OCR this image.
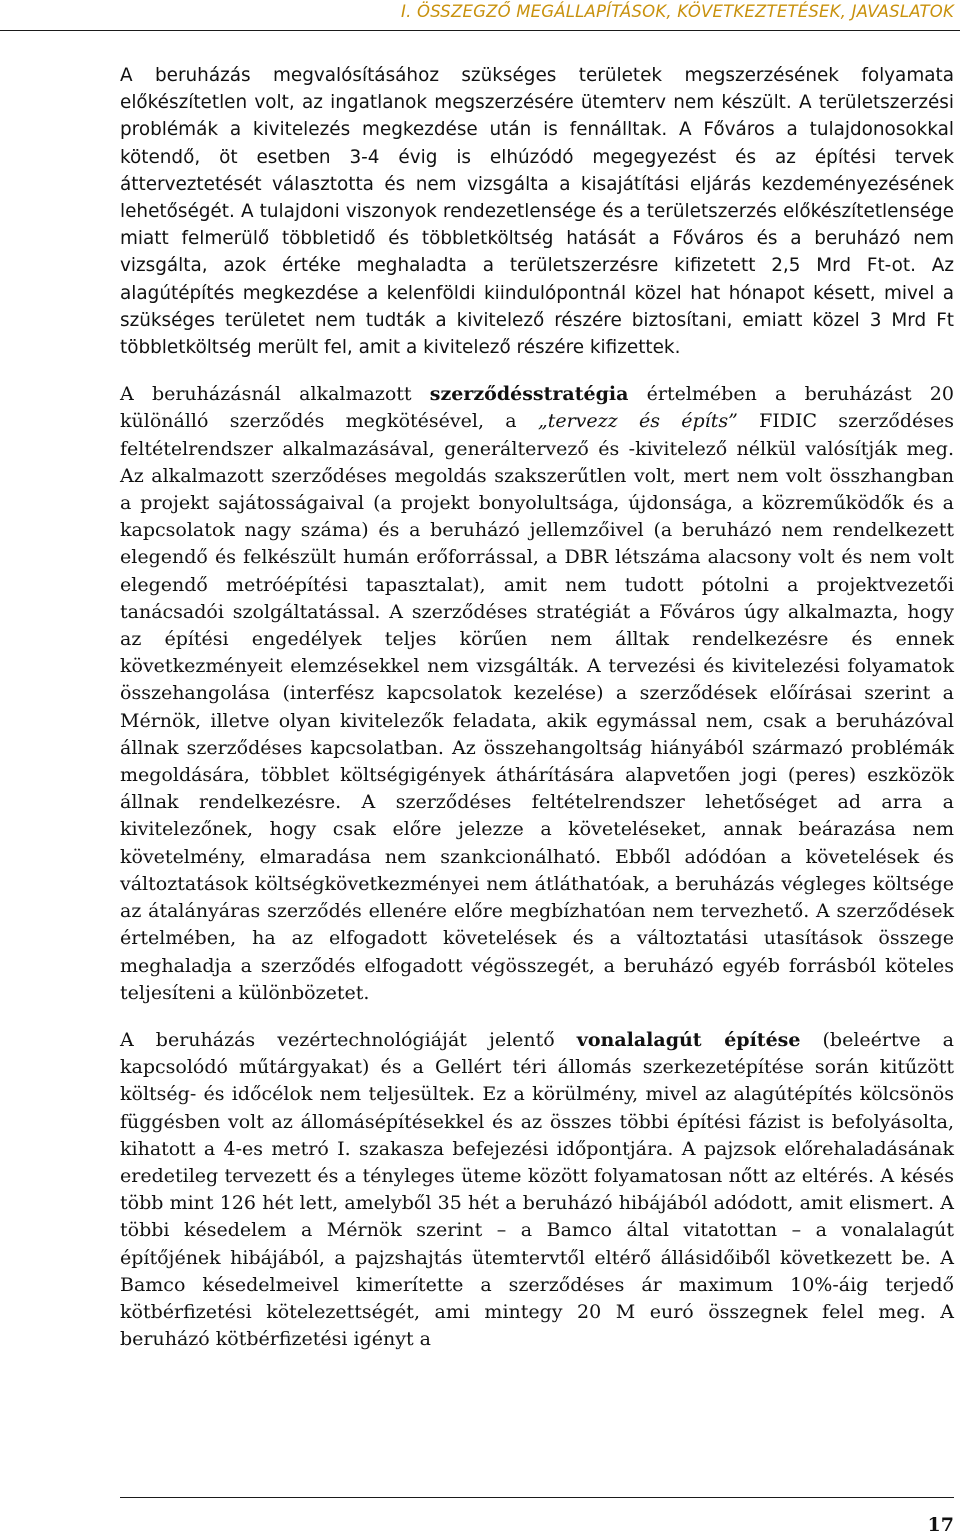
I. ÖSSZEGZŐ MEGÁLLAPÍTÁSOK, KÖVETKEZTETÉSEK, JAVASLATOK

A beruházás megvalósításához szükséges területek megszerzésének folyamata előkészítetlen volt, az ingatlanok megszerzésére ütemterv nem készült. A területszerzési problémák a kivitelezés megkezdése után is fennálltak. A Főváros a tulajdonosokkal kötendő, öt esetben 3-4 évig is elhúzódó megegyezést és az építési tervek átterveztetését választotta és nem vizsgálta a kisajátítási eljárás kezdeményezésének lehetőségét. A tulajdoni viszonyok rendezetlensége és a területszerzés előkészítetlensége miatt felmerülő többletidő és többletköltség hatását a Főváros és a beruházó nem vizsgálta, azok értéke meghaladta a területszerzésre kifizetett 2,5 Mrd Ft-ot. Az alagútépítés megkezdése a kelenföldi kiindulópontnál közel hat hónapot késett, mivel a szükséges területet nem tudták a kivitelező részére biztosítani, emiatt közel 3 Mrd Ft többletköltség merült fel, amit a kivitelező részére kifizettek.

A beruházásnál alkalmazott szerződésstratégia értelmében a beruházást 20 különálló szerződés megkötésével, a „tervezz és építs” FIDIC szerződéses feltételrendszer alkalmazásával, generáltervező és -kivitelező nélkül valósítják meg. Az alkalmazott szerződéses megoldás szakszerűtlen volt, mert nem volt összhangban a projekt sajátosságaival (a projekt bonyolultsága, újdonsága, a közreműködők és a kapcsolatok nagy száma) és a beruházó jellemzőivel (a beruházó nem rendelkezett elegendő és felkészült humán erőforrással, a DBR létszáma alacsony volt és nem volt elegendő metróépítési tapasztalat), amit nem tudott pótolni a projektvezetői tanácsadói szolgáltatással. A szerződéses stratégiát a Főváros úgy alkalmazta, hogy az építési engedélyek teljes körűen nem álltak rendelkezésre és ennek következményeit elemzésekkel nem vizsgálták. A tervezési és kivitelezési folyamatok összehangolása (interfész kapcsolatok kezelése) a szerződések előírásai szerint a Mérnök, illetve olyan kivitelezők feladata, akik egymással nem, csak a beruházóval állnak szerződéses kapcsolatban. Az összehangoltság hiányából származó problémák megoldására, többlet költségigények áthárítására alapvetően jogi (peres) eszközök állnak rendelkezésre. A szerződéses feltételrendszer lehetőséget ad arra a kivitelezőnek, hogy csak előre jelezze a követeléseket, annak beárazása nem követelmény, elmaradása nem szankcionálható. Ebből adódóan a követelések és változtatások költségkövetkezményei nem átláthatóak, a beruházás végleges költsége az átalányáras szerződés ellenére előre megbízhatóan nem tervezhető. A szerződések értelmében, ha az elfogadott követelések és a változtatási utasítások összege meghaladja a szerződés elfogadott végösszegét, a beruházó egyéb forrásból köteles teljesíteni a különbözetet.

A beruházás vezértechnológiáját jelentő vonalalagút építése (beleértve a kapcsolódó műtárgyakat) és a Gellért téri állomás szerkezetépítése során kitűzött költség- és időcélok nem teljesültek. Ez a körülmény, mivel az alagútépítés kölcsönös függésben volt az állomásépítésekkel és az összes többi építési fázist is befolyásolta, kihatott a 4-es metró I. szakasza befejezési időpontjára. A pajzsok előrehaladásának eredetileg tervezett és a tényleges üteme között folyamatosan nőtt az eltérés. A késés több mint 126 hét lett, amelyből 35 hét a beruházó hibájából adódott, amit elismert. A többi késedelem a Mérnök szerint – a Bamco által vitatottan – a vonalalagút építőjének hibájából, a pajzshajtás ütemtervtől eltérő állásidőiből következett be. A Bamco késedelmeivel kimerítette a szerződéses ár maximum 10%-áig terjedő kötbérfizetési kötelezettségét, ami mintegy 20 M euró összegnek felel meg. A beruházó kötbérfizetési igényt a

17
